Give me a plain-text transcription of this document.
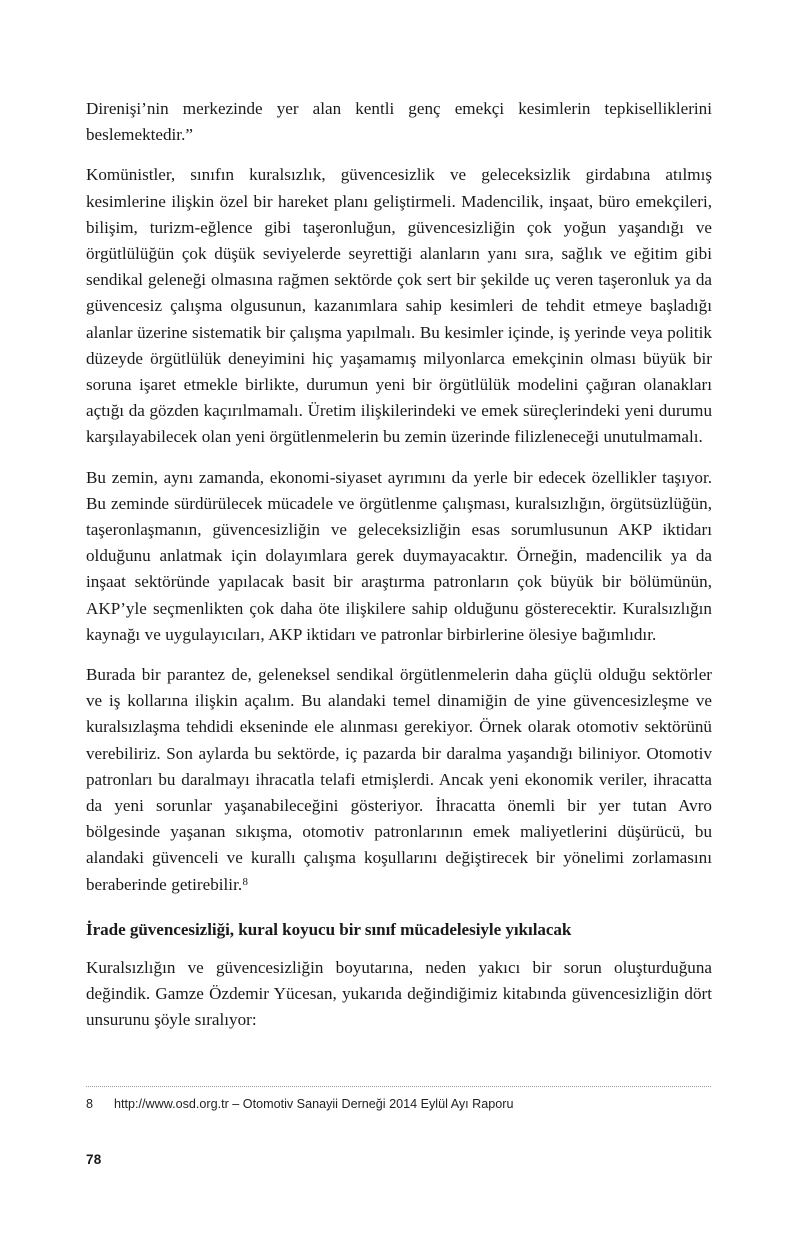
Direnişi’nin merkezinde yer alan kentli genç emekçi kesimlerin tepkiselliklerini beslemektedir.”

Komünistler, sınıfın kuralsızlık, güvencesizlik ve geleceksizlik girdabına atılmış kesimlerine ilişkin özel bir hareket planı geliştirmeli. Madencilik, inşaat, büro emekçileri, bilişim, turizm-eğlence gibi taşeronluğun, güvencesizliğin çok yoğun yaşandığı ve örgütlülüğün çok düşük seviyelerde seyrettiği alanların yanı sıra, sağlık ve eğitim gibi sendikal geleneği olmasına rağmen sektörde çok sert bir şekilde uç veren taşeronluk ya da güvencesiz çalışma olgusunun, kazanımlara sahip kesimleri de tehdit etmeye başladığı alanlar üzerine sistematik bir çalışma yapılmalı. Bu kesimler içinde, iş yerinde veya politik düzeyde örgütlülük deneyimini hiç yaşamamış milyonlarca emekçinin olması büyük bir soruna işaret etmekle birlikte, durumun yeni bir örgütlülük modelini çağıran olanakları açtığı da gözden kaçırılmamalı. Üretim ilişkilerindeki ve emek süreçlerindeki yeni durumu karşılayabilecek olan yeni örgütlenmelerin bu zemin üzerinde filizleneceği unutulmamalı.

Bu zemin, aynı zamanda, ekonomi-siyaset ayrımını da yerle bir edecek özellikler taşıyor. Bu zeminde sürdürülecek mücadele ve örgütlenme çalışması, kuralsızlığın, örgütsüzlüğün, taşeronlaşmanın, güvencesizliğin ve geleceksizliğin esas sorumlusunun AKP iktidarı olduğunu anlatmak için dolayımlara gerek duymayacaktır. Örneğin, madencilik ya da inşaat sektöründe yapılacak basit bir araştırma patronların çok büyük bir bölümünün, AKP’yle seçmenlikten çok daha öte ilişkilere sahip olduğunu gösterecektir. Kuralsızlığın kaynağı ve uygulayıcıları, AKP iktidarı ve patronlar birbirlerine ölesiye bağımlıdır.

Burada bir parantez de, geleneksel sendikal örgütlenmelerin daha güçlü olduğu sektörler ve iş kollarına ilişkin açalım. Bu alandaki temel dinamiğin de yine güvencesizleşme ve kuralsızlaşma tehdidi ekseninde ele alınması gerekiyor. Örnek olarak otomotiv sektörünü verebiliriz. Son aylarda bu sektörde, iç pazarda bir daralma yaşandığı biliniyor. Otomotiv patronları bu daralmayı ihracatla telafi etmişlerdi. Ancak yeni ekonomik veriler, ihracatta da yeni sorunlar yaşanabileceğini gösteriyor. İhracatta önemli bir yer tutan Avro bölgesinde yaşanan sıkışma, otomotiv patronlarının emek maliyetlerini düşürücü, bu alandaki güvenceli ve kurallı çalışma koşullarını değiştirecek bir yönelimi zorlamasını beraberinde getirebilir.$^8$

İrade güvencesizliği, kural koyucu bir sınıf mücadelesiyle yıkılacak

Kuralsızlığın ve güvencesizliğin boyutarına, neden yakıcı bir sorun oluşturduğuna değindik. Gamze Özdemir Yücesan, yukarıda değindiğimiz kitabında güvencesizliğin dört unsurunu şöyle sıralıyor:

8	http://www.osd.org.tr – Otomotiv Sanayii Derneği 2014 Eylül Ayı Raporu
78
